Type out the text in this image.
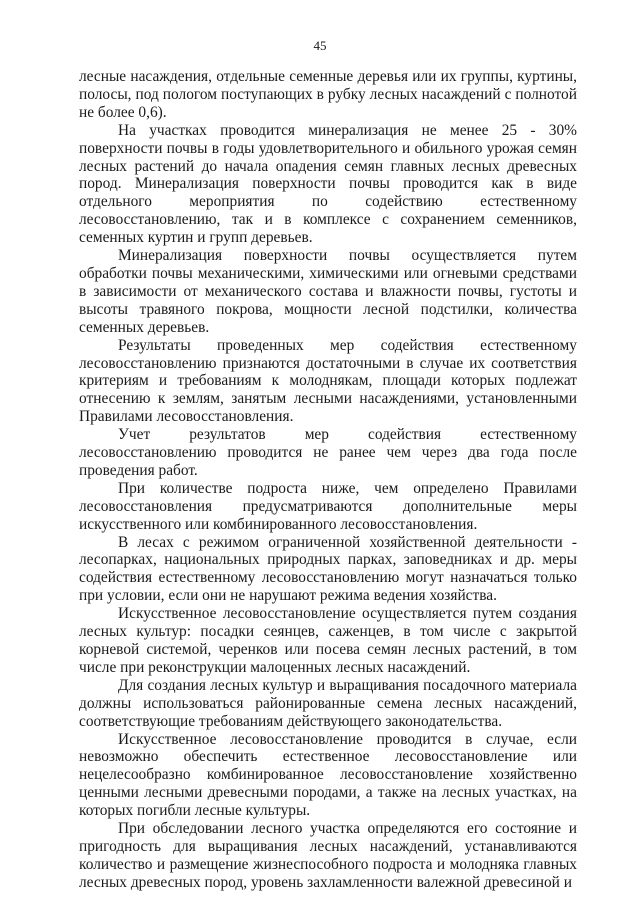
45

лесные насаждения, отдельные семенные деревья или их группы, куртины, полосы, под пологом поступающих в рубку лесных насаждений с полнотой не более 0,6).

На участках проводится минерализация не менее 25 - 30% поверхности почвы в годы удовлетворительного и обильного урожая семян лесных растений до начала опадения семян главных лесных древесных пород. Минерализация поверхности почвы проводится как в виде отдельного мероприятия по содействию естественному лесовосстановлению, так и в комплексе с сохранением семенников, семенных куртин и групп деревьев.

Минерализация поверхности почвы осуществляется путем обработки почвы механическими, химическими или огневыми средствами в зависимости от механического состава и влажности почвы, густоты и высоты травяного покрова, мощности лесной подстилки, количества семенных деревьев.

Результаты проведенных мер содействия естественному лесовосстановлению признаются достаточными в случае их соответствия критериям и требованиям к молоднякам, площади которых подлежат отнесению к землям, занятым лесными насаждениями, установленными Правилами лесовосстановления.

Учет результатов мер содействия естественному лесовосстановлению проводится не ранее чем через два года после проведения работ.

При количестве подроста ниже, чем определено Правилами лесовосстановления предусматриваются дополнительные меры искусственного или комбинированного лесовосстановления.

В лесах с режимом ограниченной хозяйственной деятельности - лесопарках, национальных природных парках, заповедниках и др. меры содействия естественному лесовосстановлению могут назначаться только при условии, если они не нарушают режима ведения хозяйства.

Искусственное лесовосстановление осуществляется путем создания лесных культур: посадки сеянцев, саженцев, в том числе с закрытой корневой системой, черенков или посева семян лесных растений, в том числе при реконструкции малоценных лесных насаждений.

Для создания лесных культур и выращивания посадочного материала должны использоваться районированные семена лесных насаждений, соответствующие требованиям действующего законодательства.

Искусственное лесовосстановление проводится в случае, если невозможно обеспечить естественное лесовосстановление или нецелесообразно комбинированное лесовосстановление хозяйственно ценными лесными древесными породами, а также на лесных участках, на которых погибли лесные культуры.

При обследовании лесного участка определяются его состояние и пригодность для выращивания лесных насаждений, устанавливаются количество и размещение жизнеспособного подроста и молодняка главных лесных древесных пород, уровень захламленности валежной древесиной и
